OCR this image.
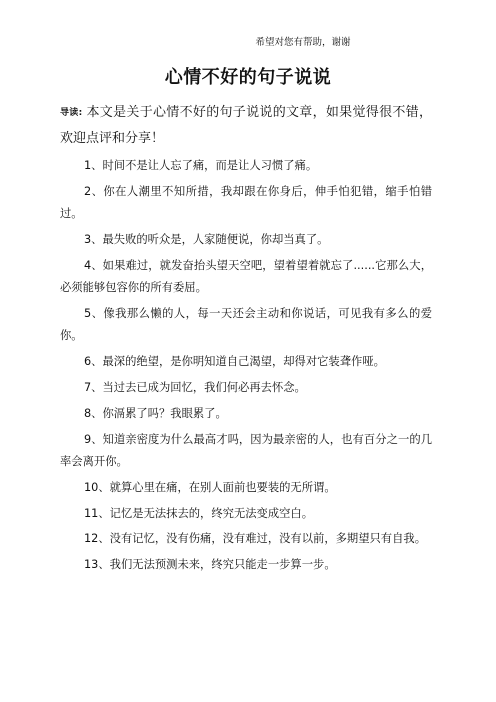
希望对您有帮助，谢谢
心情不好的句子说说

导读: 本文是关于心情不好的句子说说的文章，如果觉得很不错，欢迎点评和分享！

1、时间不是让人忘了痛，而是让人习惯了痛。

2、你在人潮里不知所措，我却跟在你身后，伸手怕犯错，缩手怕错过。

3、最失败的听众是，人家随便说，你却当真了。

4、如果难过，就发奋抬头望天空吧，望着望着就忘了......它那么大，必须能够包容你的所有委屈。

5、像我那么懒的人，每一天还会主动和你说话，可见我有多么的爱你。

6、最深的绝望，是你明知道自己渴望，却得对它装聋作哑。

7、当过去已成为回忆，我们何必再去怀念。

8、你滆累了吗？我眼累了。

9、知道亲密度为什么最高才吗，因为最亲密的人，也有百分之一的几率会离开你。

10、就算心里在痛，在别人面前也要装的无所谓。

11、记忆是无法抹去的，终究无法变成空白。

12、没有记忆，没有伤痛，没有难过，没有以前，多期望只有自我。

13、我们无法预测未来，终究只能走一步算一步。
